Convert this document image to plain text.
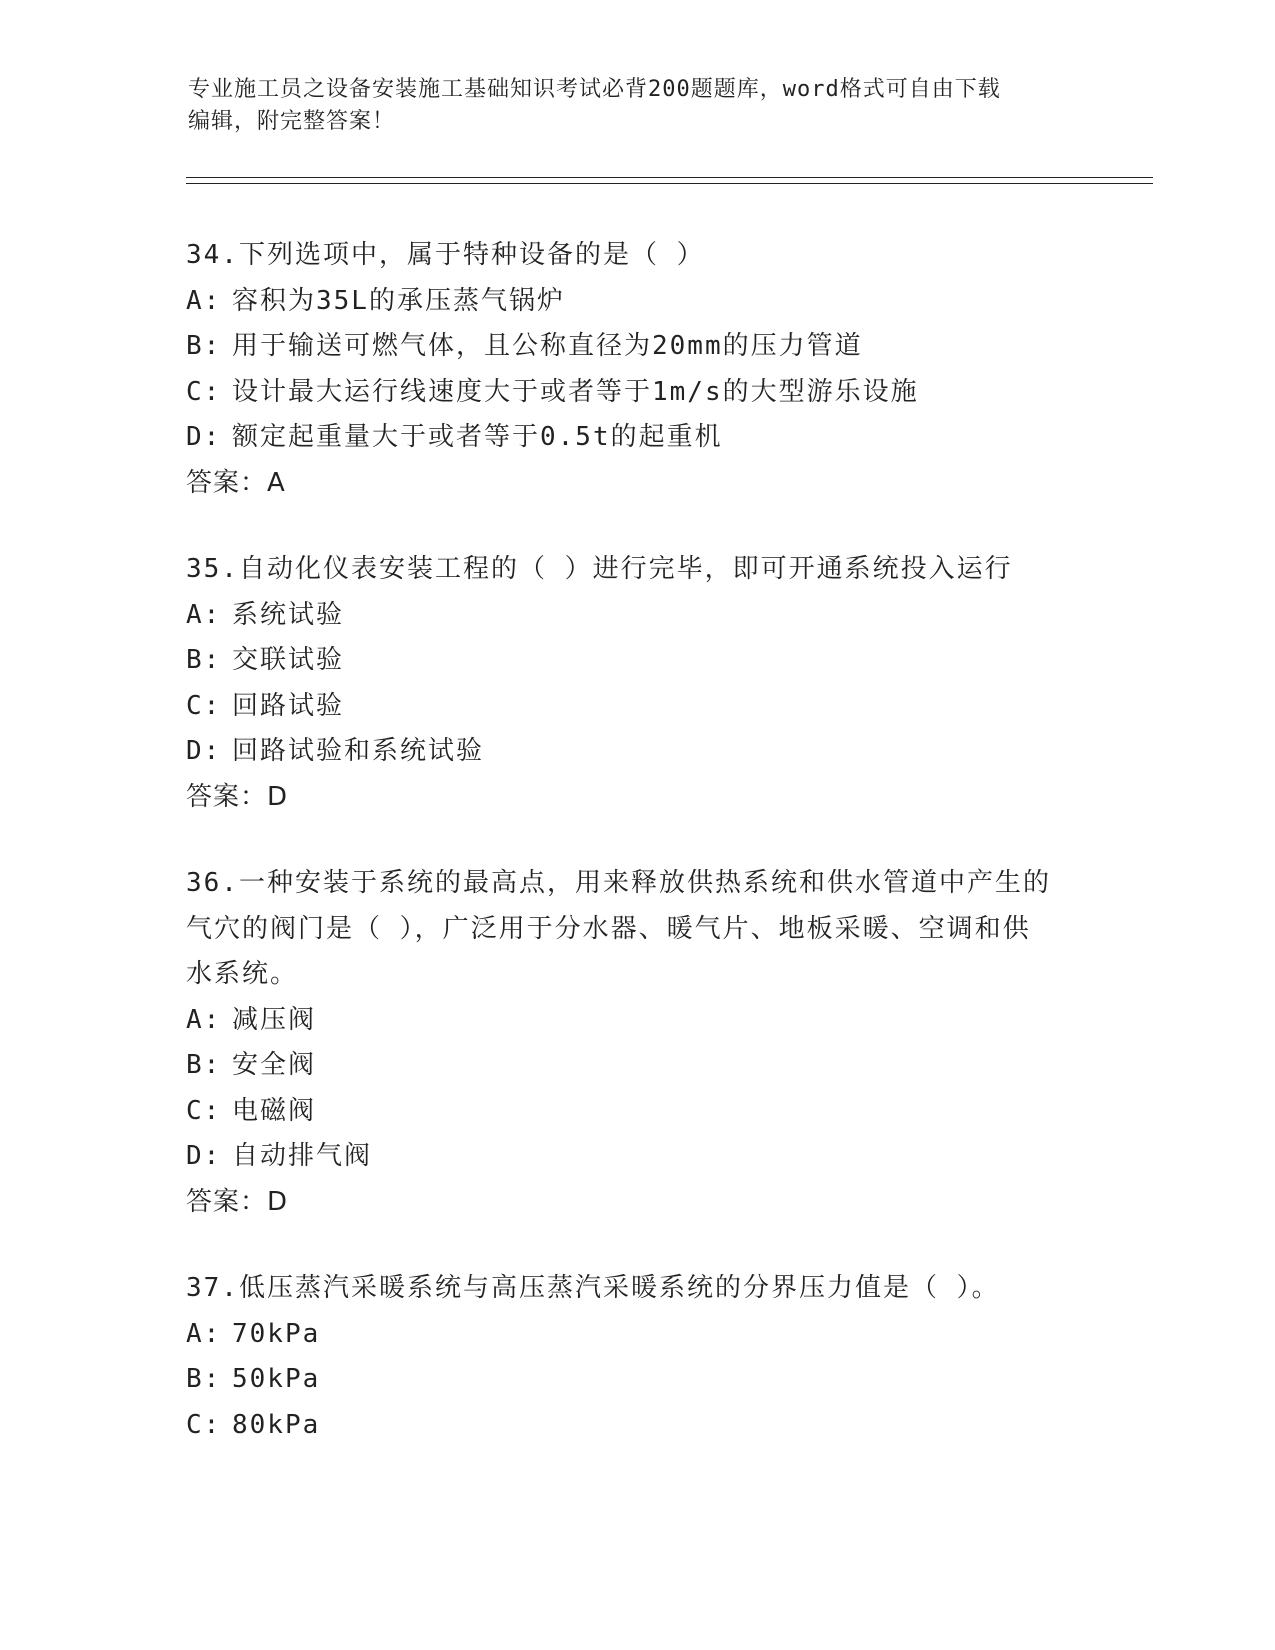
专业施工员之设备安装施工基础知识考试必背200题题库，word格式可自由下载
编辑，附完整答案！
34.下列选项中，属于特种设备的是（ ）
A: 容积为35L的承压蒸气锅炉
B: 用于输送可燃气体，且公称直径为20mm的压力管道
C: 设计最大运行线速度大于或者等于1m/s的大型游乐设施
D: 额定起重量大于或者等于0.5t的起重机
答案：A
35.自动化仪表安装工程的（ ）进行完毕，即可开通系统投入运行
A: 系统试验
B: 交联试验
C: 回路试验
D: 回路试验和系统试验
答案：D
36.一种安装于系统的最高点，用来释放供热系统和供水管道中产生的
气穴的阀门是（ ），广泛用于分水器、暖气片、地板采暖、空调和供
水系统。
A: 减压阀
B: 安全阀
C: 电磁阀
D: 自动排气阀
答案：D
37.低压蒸汽采暖系统与高压蒸汽采暖系统的分界压力值是（ ）。
A: 70kPa
B: 50kPa
C: 80kPa
